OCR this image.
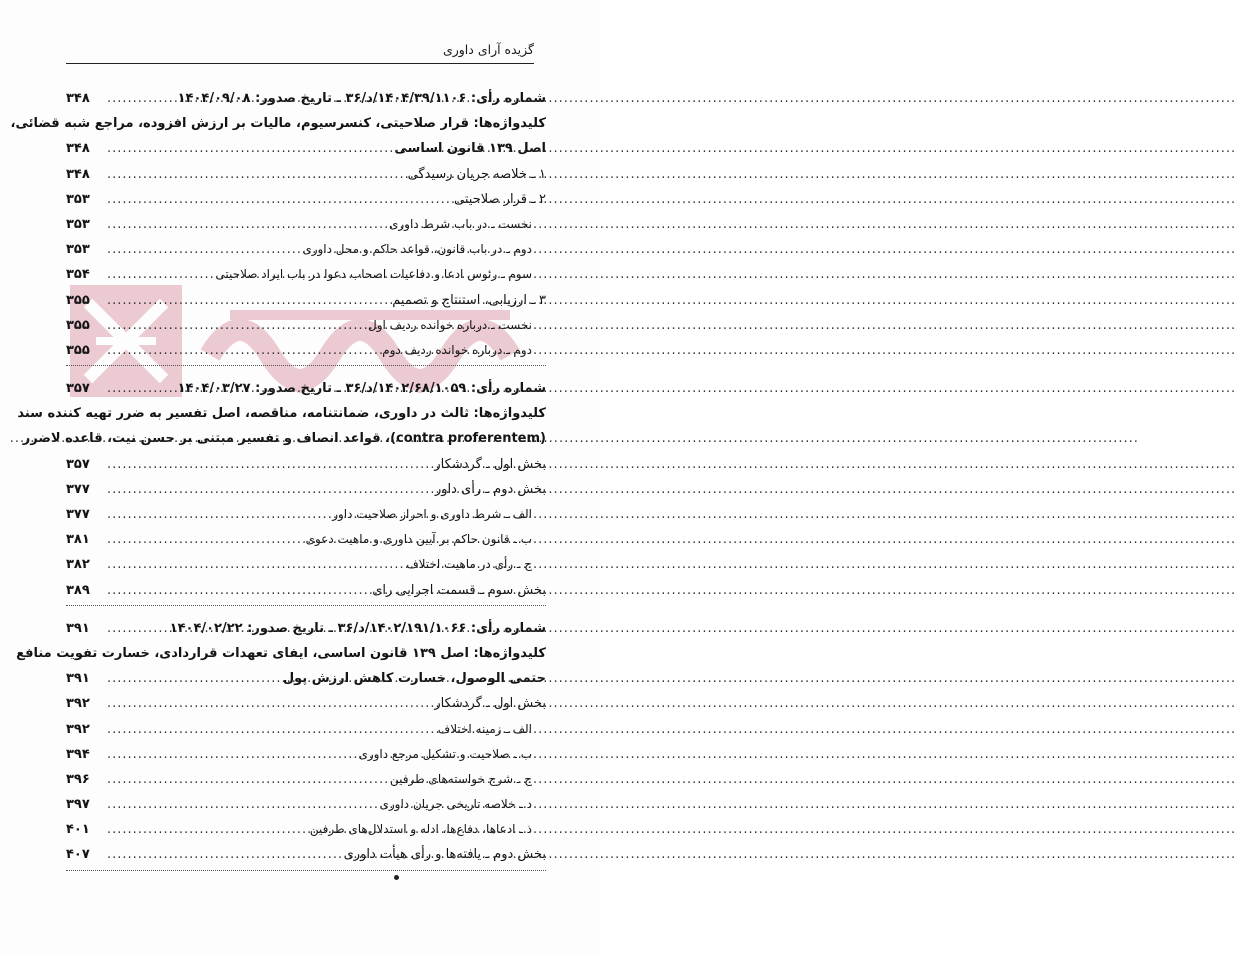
گزیده آرای داوری
شماره رأی: ۱۴۰۴/۳۹/۱۱۰۶/د/۳۶ ـ تاریخ صدور: ۱۴۰۴/۰۹/۰۸
.....
۳۴۸
کلیدواژه‌ها: قرار صلاحیتی، کنسرسیوم، مالیات بر ارزش افزوده، مراجع شبه قضائی،
اصل ۱۳۹ قانون اساسی
.....
۳۴۸
۱ ـ خلاصه جریان رسیدگی
.....
۳۴۸
۲ ـ قرار صلاحیتی
.....
۳۵۳
نخست ـ در باب شرط داوری
.....
۳۵۳
دوم ـ در باب قانون، قواعد حاکم و محل داوری
.....
۳۵۳
سوم ـ رئوس ادعا و دفاعیات اصحاب دعوا در باب ایراد صلاحیتی
.....
۳۵۴
۳ ـ ارزیابی، استنتاج و تصمیم
.....
۳۵۵
نخست ـ درباره خوانده ردیف اول
.....
۳۵۵
دوم ـ درباره خوانده ردیف دوم
.....
۳۵۵
شماره رأی: ۱۴۰۲/۶۸/۱۰۵۹/د/۳۶ ـ تاریخ صدور: ۱۴۰۴/۰۳/۲۷
.....
۳۵۷
کلیدواژه‌ها: ثالث در داوری، ضمانتنامه، مناقصه، اصل تفسیر به ضرر تهیه کننده سند
(contra proferentem)، قواعد انصاف و تفسیر مبتنی بر حسن نیت، قاعده لاضرر
.....
بخش اول ـ گردشکار
.....
۳۵۷
بخش دوم ـ رأی داور
.....
۳۷۷
الف ـ شرط داوری و احراز صلاحیت داور
.....
۳۷۷
ب ـ قانون حاکم بر آیین داوری و ماهیت دعوی
.....
۳۸۱
ج ـ رأی در ماهیت اختلاف
.....
۳۸۲
بخش سوم ـ قسمت اجرایی رای
.....
۳۸۹
شماره رأی: ۱۴۰۲/۱۹۱/۱۰۶۶/د/۳۶ ـ تاریخ صدور: ۱۴۰۴/۰۲/۲۲
.....
۳۹۱
کلیدواژه‌ها: اصل ۱۳۹ قانون اساسی، ایفای تعهدات قراردادی، خسارت تفویت منافع
حتمی الوصول، خسارت کاهش ارزش پول
.....
۳۹۱
بخش اول ـ گردشکار
.....
۳۹۲
الف ـ زمینه اختلاف
.....
۳۹۲
ب ـ صلاحیت و تشکیل مرجع داوری
.....
۳۹۴
ج ـ شرح خواسته‌های طرفین
.....
۳۹۶
د ـ خلاصه تاریخی جریان داوری
.....
۳۹۷
ذ ـ ادعاها، دفاع‌ها، ادله و استدلال‌های طرفین
.....
۴۰۱
بخش دوم ـ یافته‌ها و رأی هیأت داوری
.....
۴۰۷
